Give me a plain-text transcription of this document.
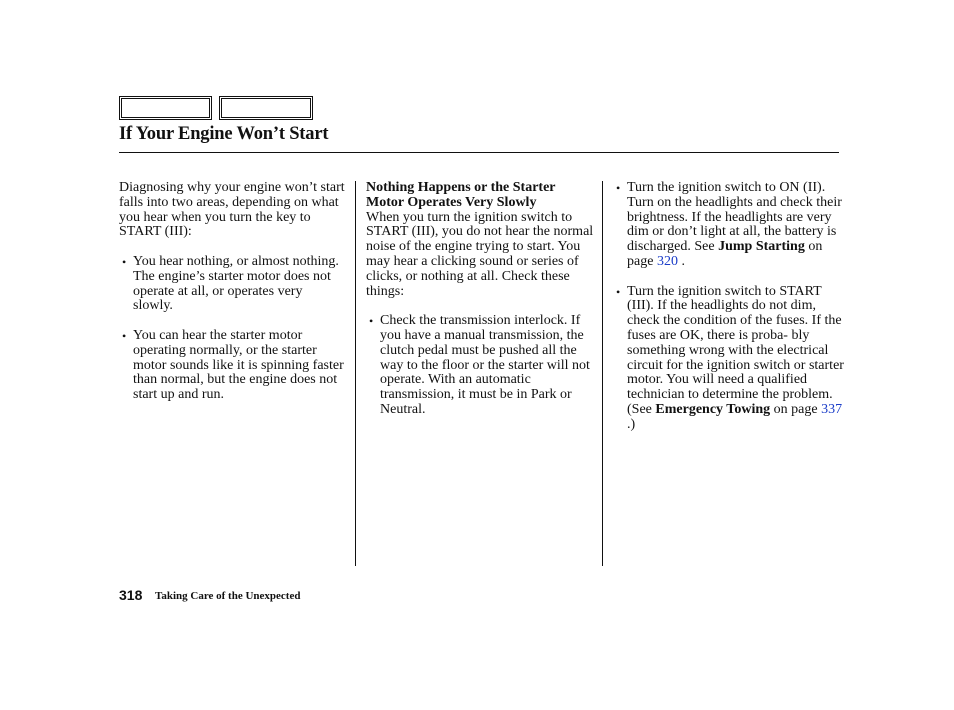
If Your Engine Won’t Start

Diagnosing why your engine won’t start falls into two areas, depending on what you hear when you turn the key to START (III):

• You hear nothing, or almost nothing. The engine’s starter motor does not operate at all, or operates very slowly.
• You can hear the starter motor operating normally, or the starter motor sounds like it is spinning faster than normal, but the engine does not start up and run.

Nothing Happens or the Starter Motor Operates Very Slowly

When you turn the ignition switch to START (III), you do not hear the normal noise of the engine trying to start. You may hear a clicking sound or series of clicks, or nothing at all. Check these things:

• Check the transmission interlock. If you have a manual transmission, the clutch pedal must be pushed all the way to the floor or the starter will not operate. With an automatic transmission, it must be in Park or Neutral.
• Turn the ignition switch to ON (II). Turn on the headlights and check their brightness. If the headlights are very dim or don’t light at all, the battery is discharged. See Jump Starting on page 320 .
• Turn the ignition switch to START (III). If the headlights do not dim, check the condition of the fuses. If the fuses are OK, there is proba- bly something wrong with the electrical circuit for the ignition switch or starter motor. You will need a qualified technician to determine the problem. (See Emergency Towing on page 337 .)
318 Taking Care of the Unexpected
